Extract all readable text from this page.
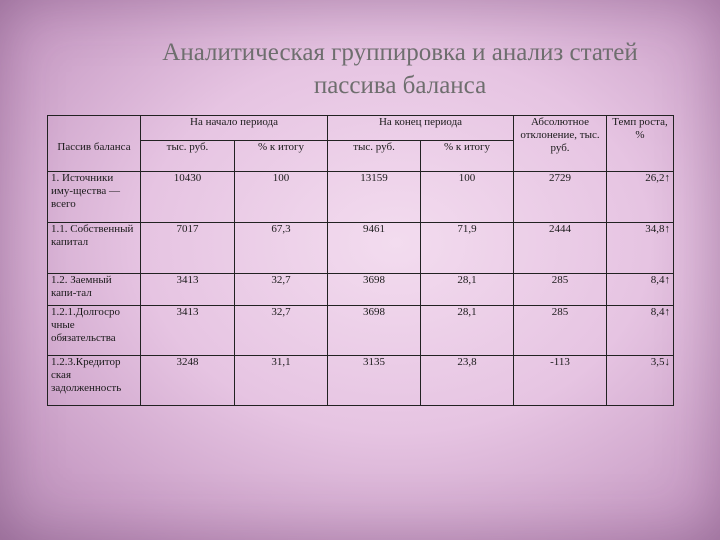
Аналитическая группировка и анализ статей
пассива баланса
Пассив баланса	На начало периода		На конец периода		Абсолютное отклонение, тыс. руб.	Темп роста, %
	тыс. руб.	% к итогу	тыс. руб.	% к итогу		
1. Источники иму-щества — всего	10430	100	13159	100	2729	26,2↑
1.1. Собственный капитал	7017	67,3	9461	71,9	2444	34,8↑
1.2. Заемный капи-тал	3413	32,7	3698	28,1	285	8,4↑
1.2.1.Долгосро чные обязательства	3413	32,7	3698	28,1	285	8,4↑
1.2.3.Кредитор ская задолженность	3248	31,1	3135	23,8	-113	3,5↓
